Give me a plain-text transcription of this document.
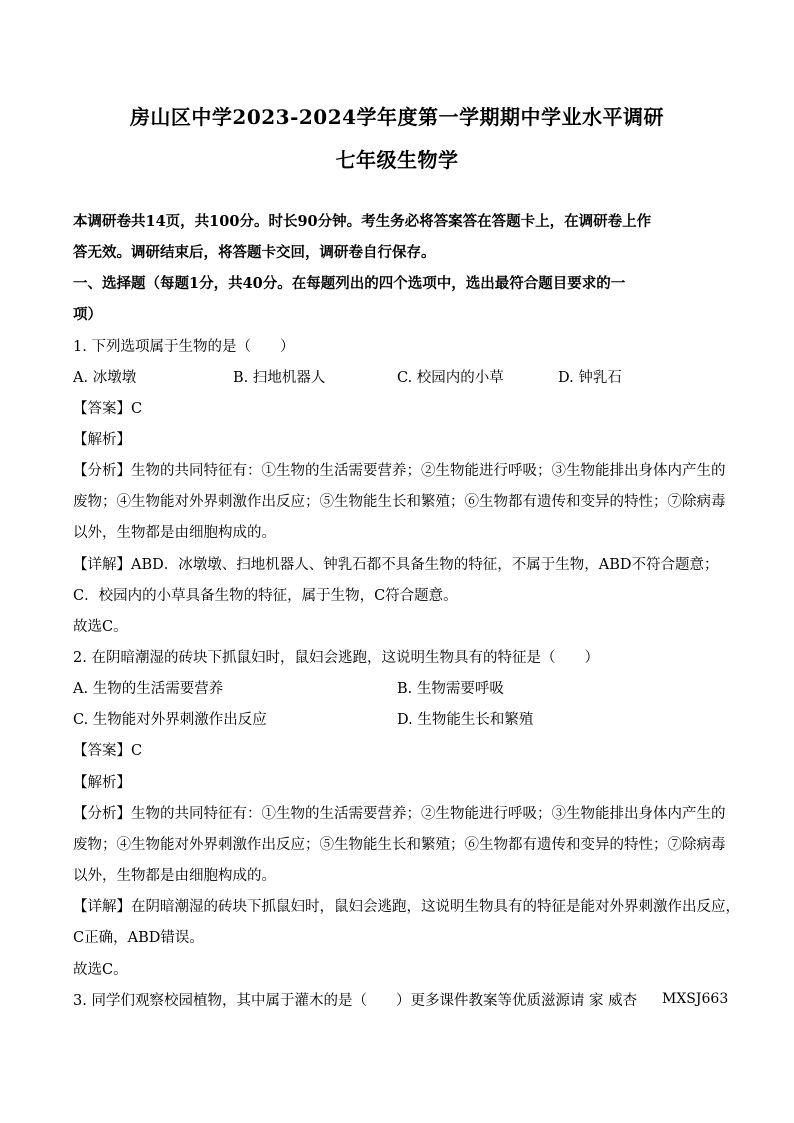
房山区中学2023-2024学年度第一学期期中学业水平调研
七年级生物学
本调研卷共14页，共100分。时长90分钟。考生务必将答案答在答题卡上，在调研卷上作
答无效。调研结束后，将答题卡交回，调研卷自行保存。
一、选择题（每题1分，共40分。在每题列出的四个选项中，选出最符合题目要求的一
项）
1. 下列选项属于生物的是（　　）
A. 冰墩墩	B. 扫地机器人	C. 校园内的小草	D. 钟乳石
【答案】C
【解析】
【分析】生物的共同特征有：①生物的生活需要营养；②生物能进行呼吸；③生物能排出身体内产生的
废物；④生物能对外界刺激作出反应；⑤生物能生长和繁殖；⑥生物都有遗传和变异的特性；⑦除病毒
以外，生物都是由细胞构成的。
【详解】ABD．冰墩墩、扫地机器人、钟乳石都不具备生物的特征，不属于生物，ABD不符合题意；
C．校园内的小草具备生物的特征，属于生物，C符合题意。
故选C。
2. 在阴暗潮湿的砖块下抓鼠妇时，鼠妇会逃跑，这说明生物具有的特征是（　　）
A. 生物的生活需要营养	B. 生物需要呼吸
C. 生物能对外界刺激作出反应	D. 生物能生长和繁殖
【答案】C
【解析】
【分析】生物的共同特征有：①生物的生活需要营养；②生物能进行呼吸；③生物能排出身体内产生的
废物；④生物能对外界刺激作出反应；⑤生物能生长和繁殖；⑥生物都有遗传和变异的特性；⑦除病毒
以外，生物都是由细胞构成的。
【详解】在阴暗潮湿的砖块下抓鼠妇时，鼠妇会逃跑，这说明生物具有的特征是能对外界刺激作出反应，
C正确，ABD错误。
故选C。
3. 同学们观察校园植物，其中属于灌木的是（　　）更多课件教案等优质滋源请 家 威杏	MXSJ663
